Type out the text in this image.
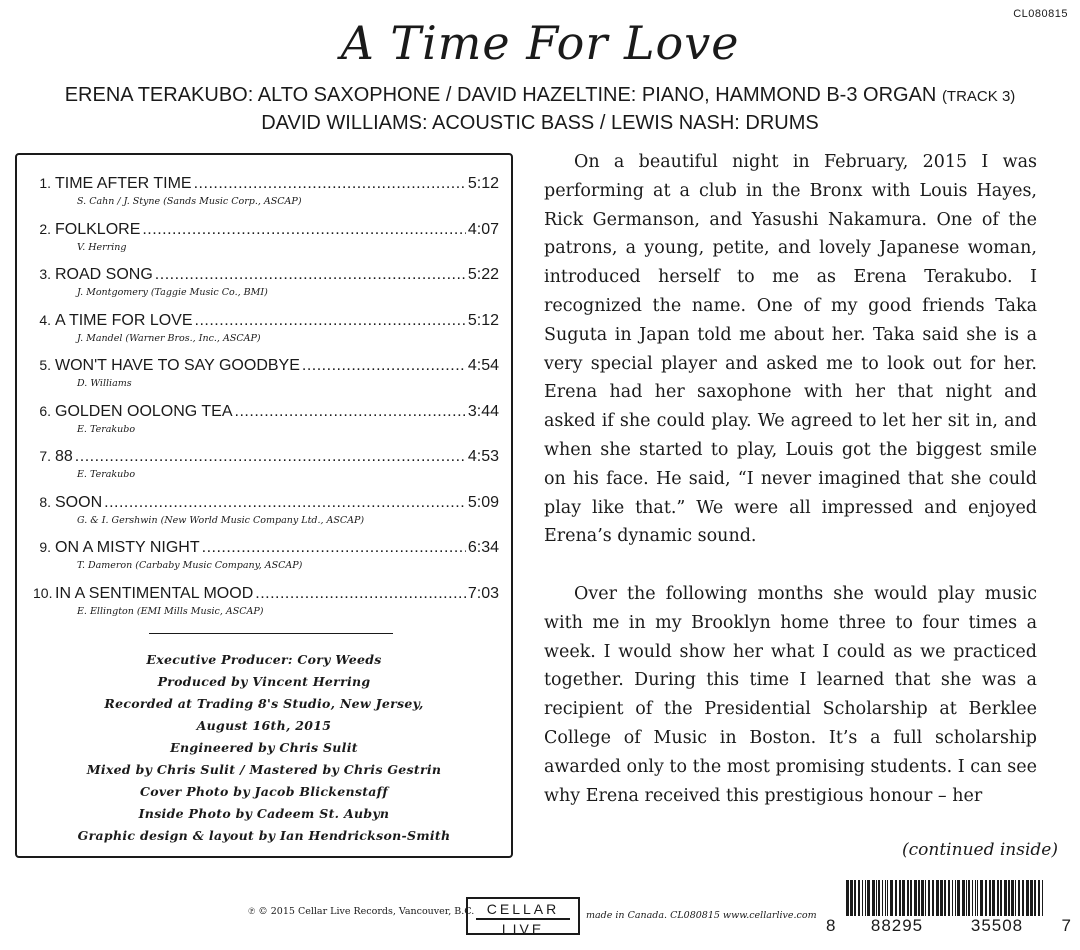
CL080815
A Time For Love
ERENA TERAKUBO: ALTO SAXOPHONE / DAVID HAZELTINE: PIANO, HAMMOND B-3 ORGAN (TRACK 3)
DAVID WILLIAMS: ACOUSTIC BASS / LEWIS NASH: DRUMS
1. TIME AFTER TIME .....	5:12
S. Cahn / J. Styne (Sands Music Corp., ASCAP)
2. FOLKLORE .....	4:07
V. Herring
3. ROAD SONG .....	5:22
J. Montgomery (Taggie Music Co., BMI)
4. A TIME FOR LOVE .....	5:12
J. Mandel (Warner Bros., Inc., ASCAP)
5. WON'T HAVE TO SAY GOODBYE .....	4:54
D. Williams
6. GOLDEN OOLONG TEA .....	3:44
E. Terakubo
7. 88 .....	4:53
E. Terakubo
8. SOON .....	5:09
G. & I. Gershwin (New World Music Company Ltd., ASCAP)
9. ON A MISTY NIGHT .....	6:34
T. Dameron (Carbaby Music Company, ASCAP)
10. IN A SENTIMENTAL MOOD .....	7:03
E. Ellington (EMI Mills Music, ASCAP)
Executive Producer: Cory Weeds
Produced by Vincent Herring
Recorded at Trading 8's Studio, New Jersey,
August 16th, 2015
Engineered by Chris Sulit
Mixed by Chris Sulit / Mastered by Chris Gestrin
Cover Photo by Jacob Blickenstaff
Inside Photo by Cadeem St. Aubyn
Graphic design & layout by Ian Hendrickson-Smith

On a beautiful night in February, 2015 I was performing at a club in the Bronx with Louis Hayes, Rick Germanson, and Yasushi Nakamura. One of the patrons, a young, petite, and lovely Japanese woman, introduced herself to me as Erena Terakubo. I recognized the name. One of my good friends Taka Suguta in Japan told me about her. Taka said she is a very special player and asked me to look out for her. Erena had her saxophone with her that night and asked if she could play. We agreed to let her sit in, and when she started to play, Louis got the biggest smile on his face. He said, “I never imagined that she could play like that.” We were all impressed and enjoyed Erena’s dynamic sound.

Over the following months she would play music with me in my Brooklyn home three to four times a week. I would show her what I could as we practiced together. During this time I learned that she was a recipient of the Presidential Scholarship at Berklee College of Music in Boston. It’s a full scholarship awarded only to the most promising students. I can see why Erena received this prestigious honour – her

(continued inside)
℗ © 2015 Cellar Live Records, Vancouver, B.C. CELLAR
LIVE
made in Canada. CL080815 www.cellarlive.com
8	88295	35508	7
